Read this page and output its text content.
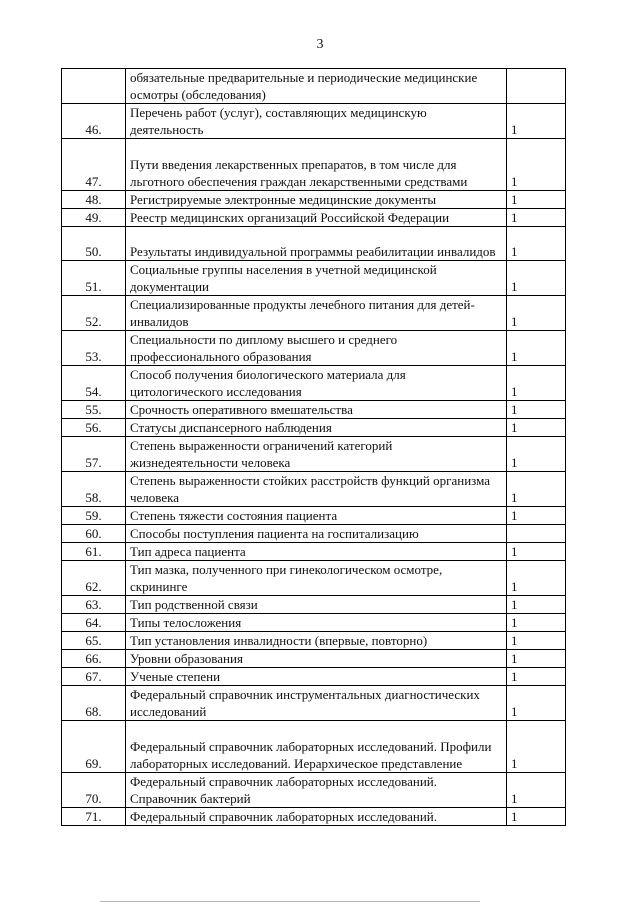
3
	обязательные предварительные и периодические медицинские осмотры (обследования)	
46.	Перечень работ (услуг), составляющих медицинскую деятельность	1
47.	Пути введения лекарственных препаратов, в том числе для льготного обеспечения граждан лекарственными средствами	1
48.	Регистрируемые электронные медицинские документы	1
49.	Реестр медицинских организаций Российской Федерации	1
50.	Результаты индивидуальной программы реабилитации инвалидов	1
51.	Социальные группы населения в учетной медицинской документации	1
52.	Специализированные продукты лечебного питания для детей-инвалидов	1
53.	Специальности по диплому высшего и среднего профессионального образования	1
54.	Способ получения биологического материала для цитологического исследования	1
55.	Срочность оперативного вмешательства	1
56.	Статусы диспансерного наблюдения	1
57.	Степень выраженности ограничений категорий жизнедеятельности человека	1
58.	Степень выраженности стойких расстройств функций организма человека	1
59.	Степень тяжести состояния пациента	1
60.	Способы поступления пациента на госпитализацию	
61.	Тип адреса пациента	1
62.	Тип мазка, полученного при гинекологическом осмотре, скрининге	1
63.	Тип родственной связи	1
64.	Типы телосложения	1
65.	Тип установления инвалидности (впервые, повторно)	1
66.	Уровни образования	1
67.	Ученые степени	1
68.	Федеральный справочник инструментальных диагностических исследований	1
69.	Федеральный справочник лабораторных исследований. Профили лабораторных исследований. Иерархическое представление	1
70.	Федеральный справочник лабораторных исследований. Справочник бактерий	1
71.	Федеральный справочник лабораторных исследований.	1
